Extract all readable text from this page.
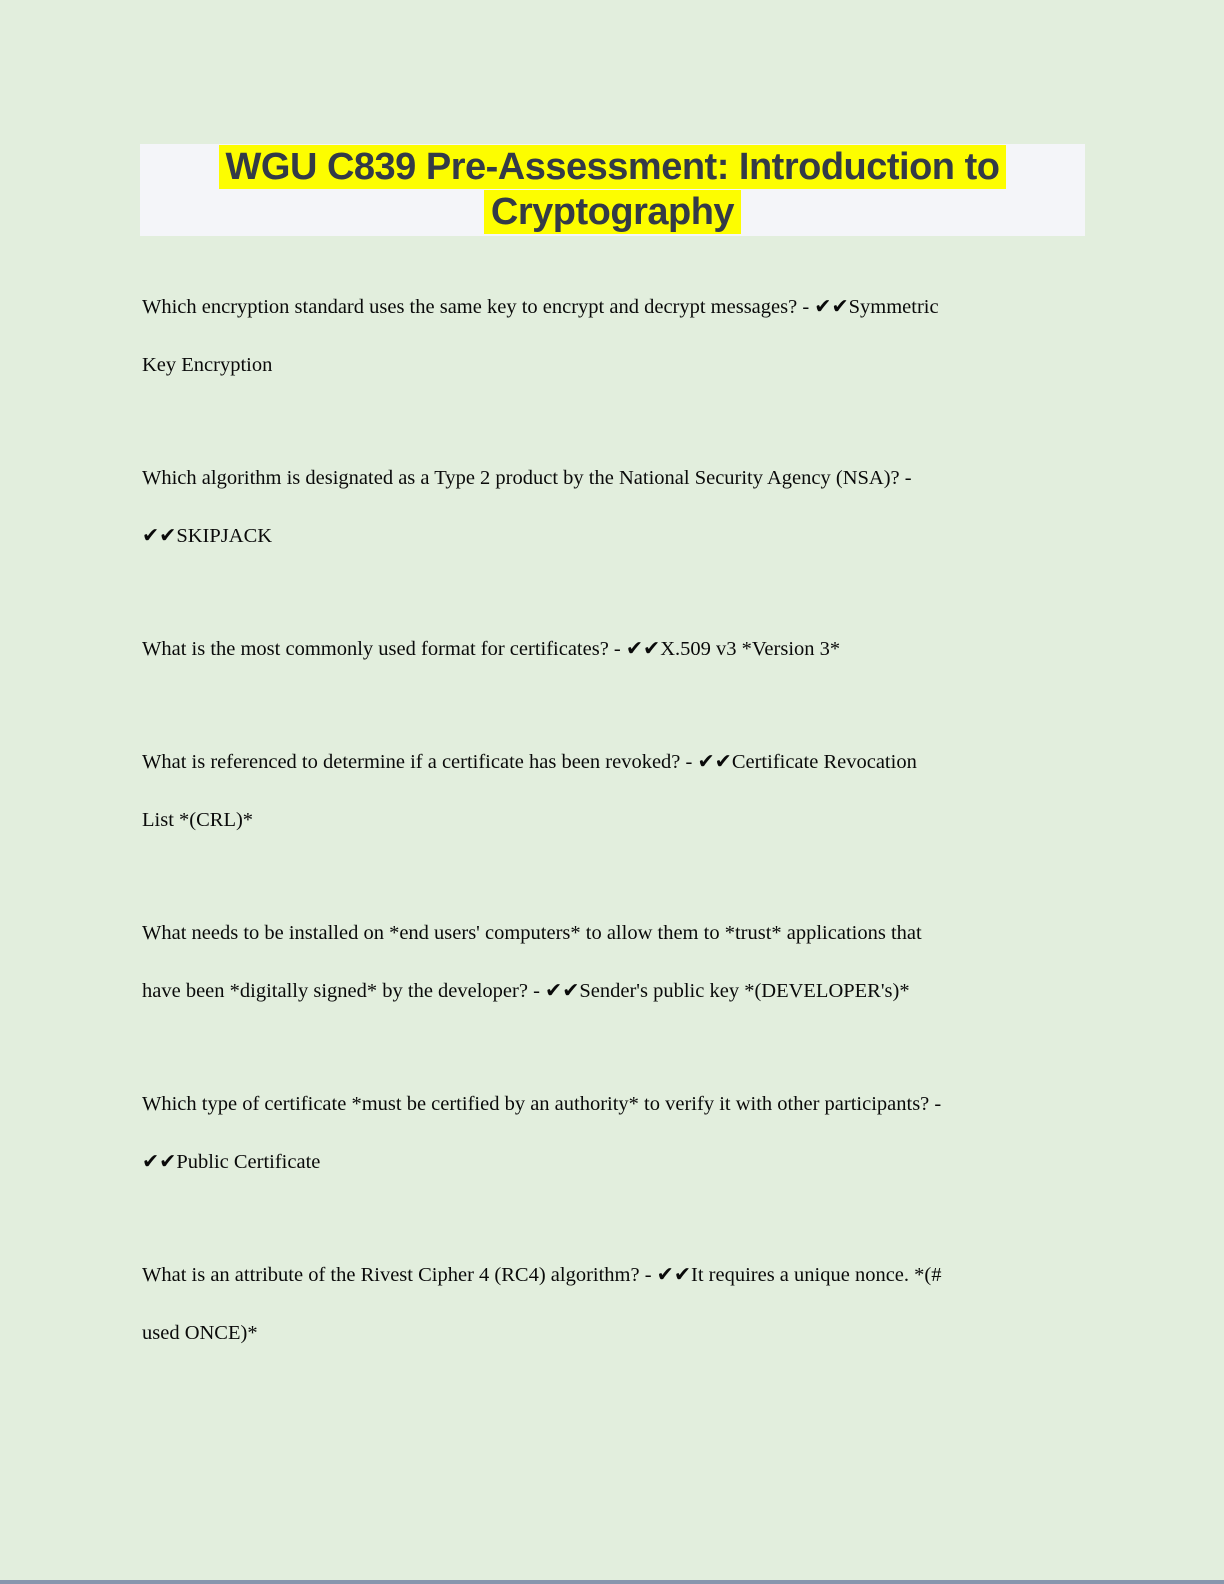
WGU C839 Pre-Assessment: Introduction to
Cryptography

Which encryption standard uses the same key to encrypt and decrypt messages? - ✔✔Symmetric
Key Encryption

Which algorithm is designated as a Type 2 product by the National Security Agency (NSA)? -
✔✔SKIPJACK

What is the most commonly used format for certificates? - ✔✔X.509 v3 *Version 3*

What is referenced to determine if a certificate has been revoked? - ✔✔Certificate Revocation
List *(CRL)*

What needs to be installed on *end users' computers* to allow them to *trust* applications that
have been *digitally signed* by the developer? - ✔✔Sender's public key *(DEVELOPER's)*

Which type of certificate *must be certified by an authority* to verify it with other participants? -
✔✔Public Certificate

What is an attribute of the Rivest Cipher 4 (RC4) algorithm? - ✔✔It requires a unique nonce. *(#
used ONCE)*
